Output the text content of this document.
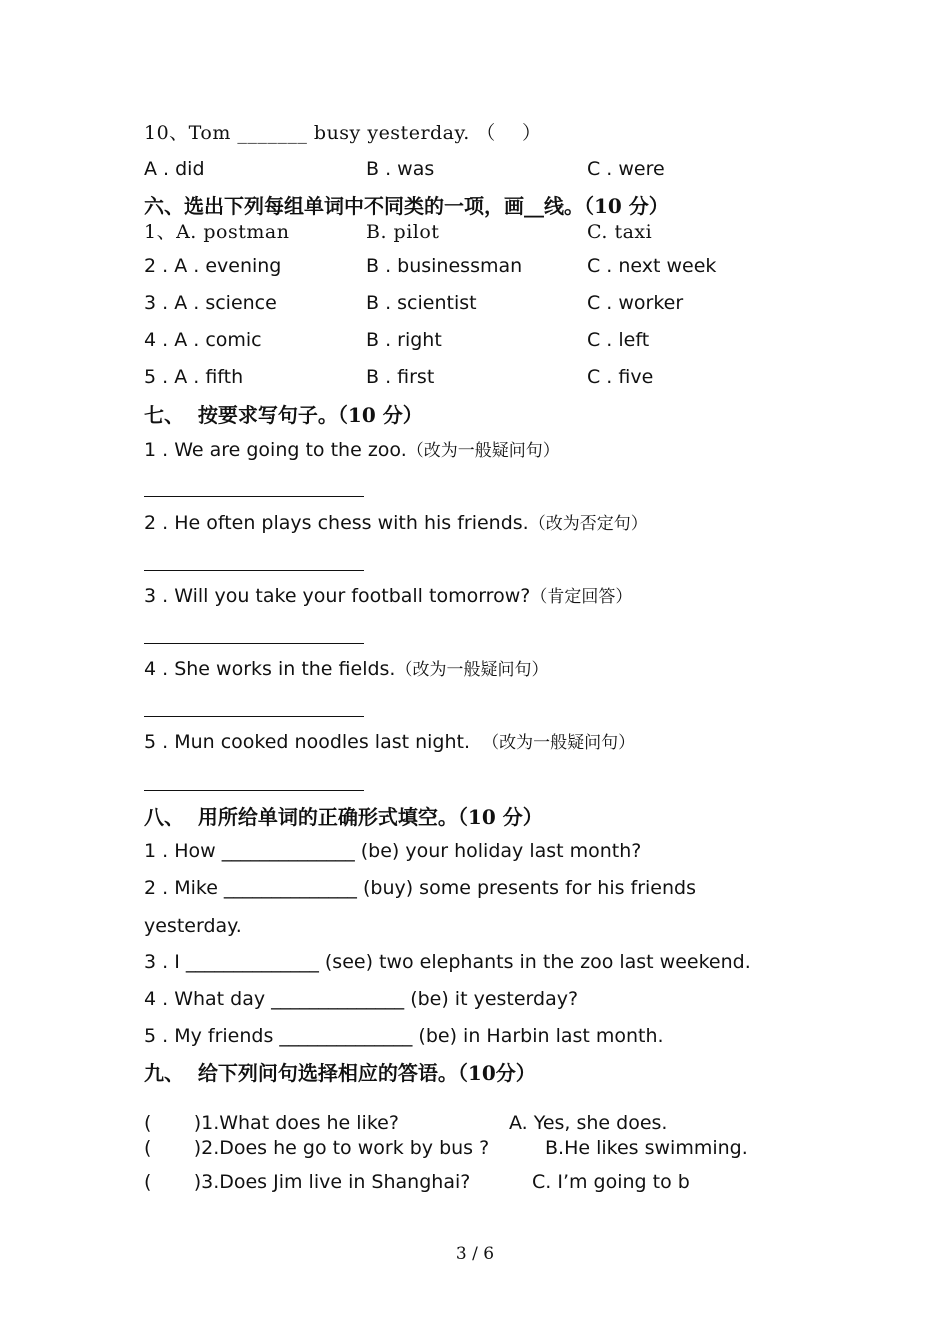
10、Tom _______ busy yesterday. （    ）
A . did	B . was	C . were
六、选出下列每组单词中不同类的一项，画__线。（10 分）
1、A. postman	B. pilot	C. taxi
2 . A . evening	B . businessman	C . next week
3 . A . science	B . scientist	C . worker
4 . A . comic	B . right	C . left
5 . A . fifth	B . first	C . five
七、  按要求写句子。（10 分）
1 . We are going to the zoo.（改为一般疑问句）
2 . He often plays chess with his friends.（改为否定句）
3 . Will you take your football tomorrow?（肯定回答）
4 . She works in the fields.（改为一般疑问句）
5 . Mun cooked noodles last night.  （改为一般疑问句）
八、  用所给单词的正确形式填空。（10 分）
1 . How ______________ (be) your holiday last month?
2 . Mike ______________ (buy) some presents for his friends
yesterday.
3 . I ______________ (see) two elephants in the zoo last weekend.
4 . What day ______________ (be) it yesterday?
5 . My friends ______________ (be) in Harbin last month.
九、  给下列问句选择相应的答语。（10分）
(       )1.What does he like?	A. Yes, she does.
(       )2.Does he go to work by bus ?	B.He likes swimming.
(       )3.Does Jim live in Shanghai?	C. I’m going to b
3 / 6
